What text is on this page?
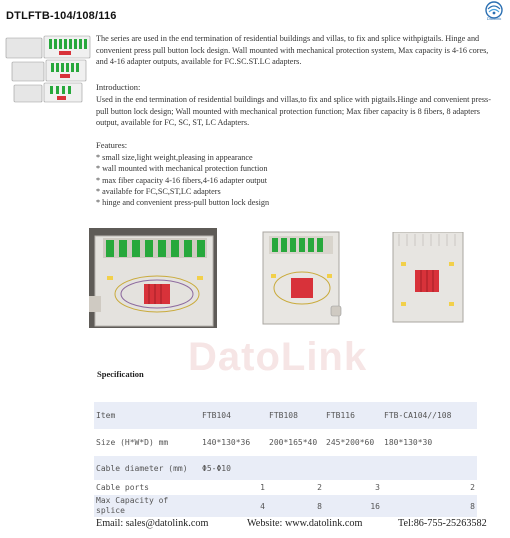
DTLFTB-104/108/116	Datolink
The series are used in the end termination of residential buildings and villas, to fix and splice withpigtails. Hinge and convenient press pull button lock design. Wall mounted with mechanical protection system, Max capacity is 4-16 cores, and 4-16 adapter outputs, available for FC.SC.ST.LC adapters.
Introduction:
Used in the end termination of residential buildings and villas,to fix and splice with pigtails.Hinge and convenient press-pull button lock design; Wall mounted with mechanical protection function; Max fiber capacity is 8 fibers, 8 adapters output, available for FC, SC, ST, LC Adapters.
Features:
* small size,light weight,pleasing in appearance
* wall mounted with mechanical protection function
* max fiber capacity 4-16 fibers,4-16 adapter output
* availabfe for FC,SC,ST,LC adapters
* hinge and convenient press-pull button lock design
DatoLink
Specification
Item	FTB104	FTB108	FTB116	FTB-CA104//108
Size (H*W*D) mm	140*130*36	200*165*40	245*200*60	180*130*30
Cable diameter (mm)	Φ5-Φ10			
Cable ports	1	2	3	2
Max Capacity of splice	4	8	16	8
Email: sales@datolink.com	Website: www.datolink.com	Tel:86-755-25263582
